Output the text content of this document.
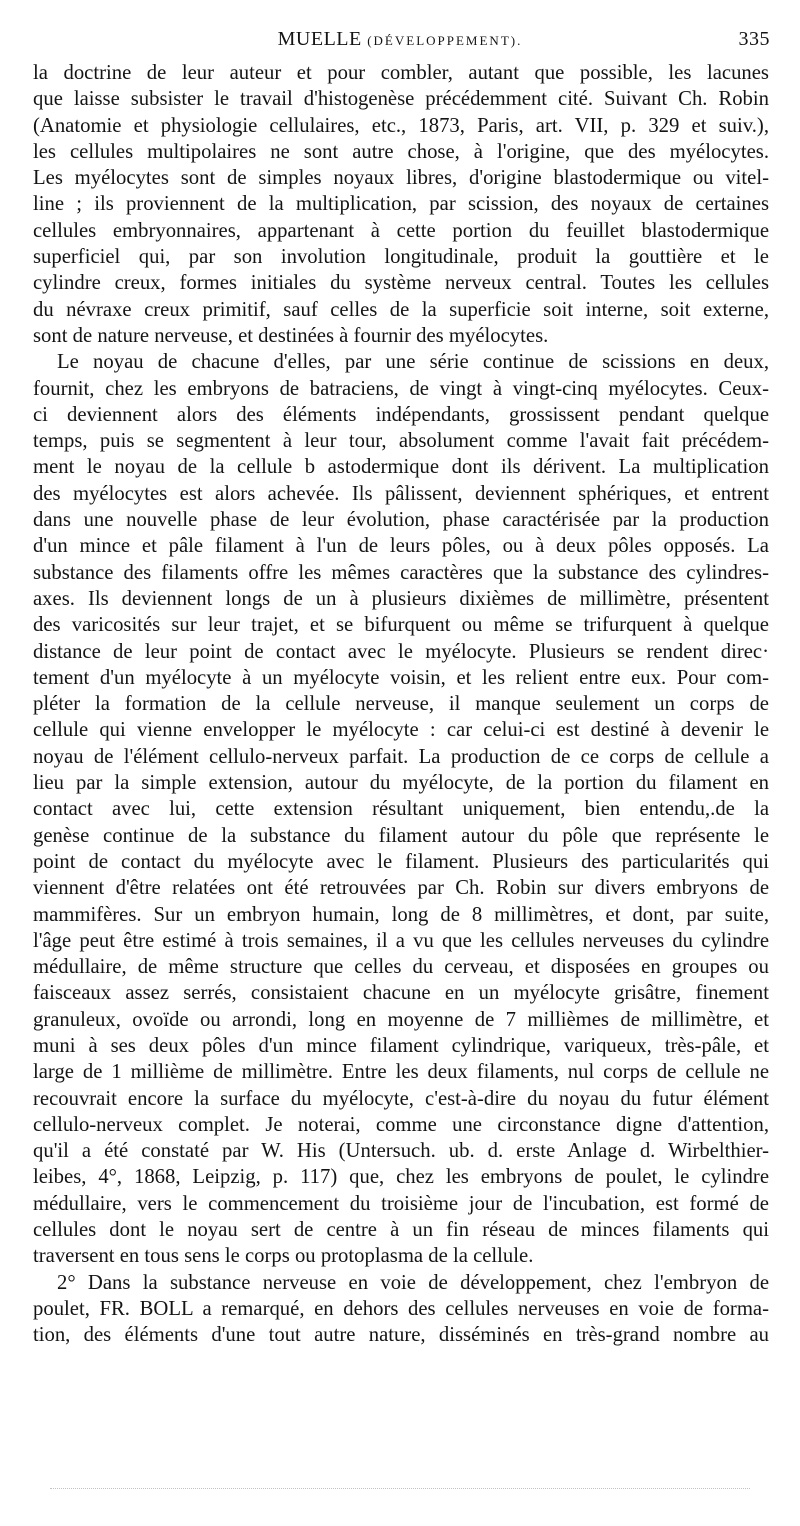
MUELLE (DÉVELOPPEMENT).	335
la doctrine de leur auteur et pour combler, autant que possible, les lacunes
que laisse subsister le travail d'histogenèse précédemment cité. Suivant Ch. Robin
(Anatomie et physiologie cellulaires, etc., 1873, Paris, art. VII, p. 329 et suiv.),
les cellules multipolaires ne sont autre chose, à l'origine, que des myélocytes.
Les myélocytes sont de simples noyaux libres, d'origine blastodermique ou vitel-
line ; ils proviennent de la multiplication, par scission, des noyaux de certaines
cellules embryonnaires, appartenant à cette portion du feuillet blastodermique
superficiel qui, par son involution longitudinale, produit la gouttière et le
cylindre creux, formes initiales du système nerveux central. Toutes les cellules
du névraxe creux primitif, sauf celles de la superficie soit interne, soit externe,
sont de nature nerveuse, et destinées à fournir des myélocytes.
Le noyau de chacune d'elles, par une série continue de scissions en deux,
fournit, chez les embryons de batraciens, de vingt à vingt-cinq myélocytes. Ceux-
ci deviennent alors des éléments indépendants, grossissent pendant quelque
temps, puis se segmentent à leur tour, absolument comme l'avait fait précédem-
ment le noyau de la cellule b astodermique dont ils dérivent. La multiplication
des myélocytes est alors achevée. Ils pâlissent, deviennent sphériques, et entrent
dans une nouvelle phase de leur évolution, phase caractérisée par la production
d'un mince et pâle filament à l'un de leurs pôles, ou à deux pôles opposés. La
substance des filaments offre les mêmes caractères que la substance des cylindres-
axes. Ils deviennent longs de un à plusieurs dixièmes de millimètre, présentent
des varicosités sur leur trajet, et se bifurquent ou même se trifurquent à quelque
distance de leur point de contact avec le myélocyte. Plusieurs se rendent direc·
tement d'un myélocyte à un myélocyte voisin, et les relient entre eux. Pour com-
pléter la formation de la cellule nerveuse, il manque seulement un corps de
cellule qui vienne envelopper le myélocyte : car celui-ci est destiné à devenir le
noyau de l'élément cellulo-nerveux parfait. La production de ce corps de cellule a
lieu par la simple extension, autour du myélocyte, de la portion du filament en
contact avec lui, cette extension résultant uniquement, bien entendu,.de la
genèse continue de la substance du filament autour du pôle que représente le
point de contact du myélocyte avec le filament. Plusieurs des particularités qui
viennent d'être relatées ont été retrouvées par Ch. Robin sur divers embryons de
mammifères. Sur un embryon humain, long de 8 millimètres, et dont, par suite,
l'âge peut être estimé à trois semaines, il a vu que les cellules nerveuses du cylindre
médullaire, de même structure que celles du cerveau, et disposées en groupes ou
faisceaux assez serrés, consistaient chacune en un myélocyte grisâtre, finement
granuleux, ovoïde ou arrondi, long en moyenne de 7 millièmes de millimètre, et
muni à ses deux pôles d'un mince filament cylindrique, variqueux, très-pâle, et
large de 1 millième de millimètre. Entre les deux filaments, nul corps de cellule ne
recouvrait encore la surface du myélocyte, c'est-à-dire du noyau du futur élément
cellulo-nerveux complet. Je noterai, comme une circonstance digne d'attention,
qu'il a été constaté par W. His (Untersuch. ub. d. erste Anlage d. Wirbelthier-
leibes, 4°, 1868, Leipzig, p. 117) que, chez les embryons de poulet, le cylindre
médullaire, vers le commencement du troisième jour de l'incubation, est formé de
cellules dont le noyau sert de centre à un fin réseau de minces filaments qui
traversent en tous sens le corps ou protoplasma de la cellule.
2° Dans la substance nerveuse en voie de développement, chez l'embryon de
poulet, FR. BOLL a remarqué, en dehors des cellules nerveuses en voie de forma-
tion, des éléments d'une tout autre nature, disséminés en très-grand nombre au
